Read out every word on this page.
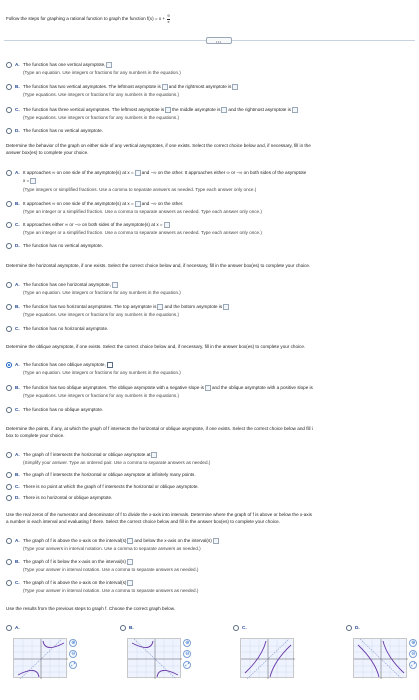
Follow the steps for graphing a rational function to graph the function $f(x) = x + \frac{9}{x}$
•••
A. The function has one vertical asymptote,
(Type an equation. Use integers or fractions for any numbers in the equation.)
B. The function has two vertical asymptotes. The leftmost asymptote is and the rightmost asymptote is
(Type equations. Use integers or fractions for any numbers in the equations.)
C. The function has three vertical asymptotes. The leftmost asymptote is the middle asymptote is and the rightmost asymptote is
(Type equations. Use integers or fractions for any numbers in the equations.)
D. The function has no vertical asymptote.
Determine the behavior of the graph on either side of any vertical asymptotes, if one exists. Select the correct choice below and, if necessary, fill in the
answer box(es) to complete your choice.
A. It approaches ∞ on one side of the asymptote(s) at x = and −∞ on the other. It approaches either ∞ or −∞ on both sides of the asymptote
x =
(Type integers or simplified fractions. Use a comma to separate answers as needed. Type each answer only once.)
B. It approaches ∞ on one side of the asymptote(s) at x = and −∞ on the other.
(Type an integer or a simplified fraction. Use a comma to separate answers as needed. Type each answer only once.)
C. It approaches either ∞ or −∞ on both sides of the asymptote(s) at x =
(Type an integer or a simplified fraction. Use a comma to separate answers as needed. Type each answer only once.)
D. The function has no vertical asymptote.
Determine the horizontal asymptote, if one exists. Select the correct choice below and, if necessary, fill in the answer box(es) to complete your choice.
A. The function has one horizontal asymptote,
(Type an equation. Use integers or fractions for any numbers in the equation.)
B. The function has two horizontal asymptotes. The top asymptote is and the bottom asymptote is
(Type equations. Use integers or fractions for any numbers in the equations.)
C. The function has no horizontal asymptote.
Determine the oblique asymptote, if one exists. Select the correct choice below and, if necessary, fill in the answer box(es) to complete your choice.
A. The function has one oblique asymptote,
(Type an equation. Use integers or fractions for any numbers in the equation.)
B. The function has two oblique asymptotes. The oblique asymptote with a negative slope is and the oblique asymptote with a positive slope is
(Type equations. Use integers or fractions for any numbers in the equations.)
C. The function has no oblique asymptote.
Determine the points, if any, at which the graph of f intersects the horizontal or oblique asymptote, if one exists. Select the correct choice below and fill i
box to complete your choice.
A. The graph of f intersects the horizontal or oblique asymptote at
(Simplify your answer. Type an ordered pair. Use a comma to separate answers as needed.)
B. The graph of f intersects the horizontal or oblique asymptote at infinitely many points.
C. There is no point at which the graph of f intersects the horizontal or oblique asymptote.
D. There is no horizontal or oblique asymptote.
Use the real zeros of the numerator and denominator of f to divide the x-axis into intervals. Determine where the graph of f is above or below the x-axis
a number in each interval and evaluating f there. Select the correct choice below and fill in the answer box(es) to complete your choice.
A. The graph of f is above the x-axis on the interval(s) and below the x-axis on the interval(s)
(Type your answers in interval notation. Use a comma to separate answers as needed.)
B. The graph of f is below the x-axis on the interval(s)
(Type your answer in interval notation. Use a comma to separate answers as needed.)
C. The graph of f is above the x-axis on the interval(s)
(Type your answer in interval notation. Use a comma to separate answers as needed.)
Use the results from the previous steps to graph f. Choose the correct graph below.
A.
⊕
⊖
⤢
B.
⊕
⊖
⤢
C.	D.
⊕
⊖
⤢
